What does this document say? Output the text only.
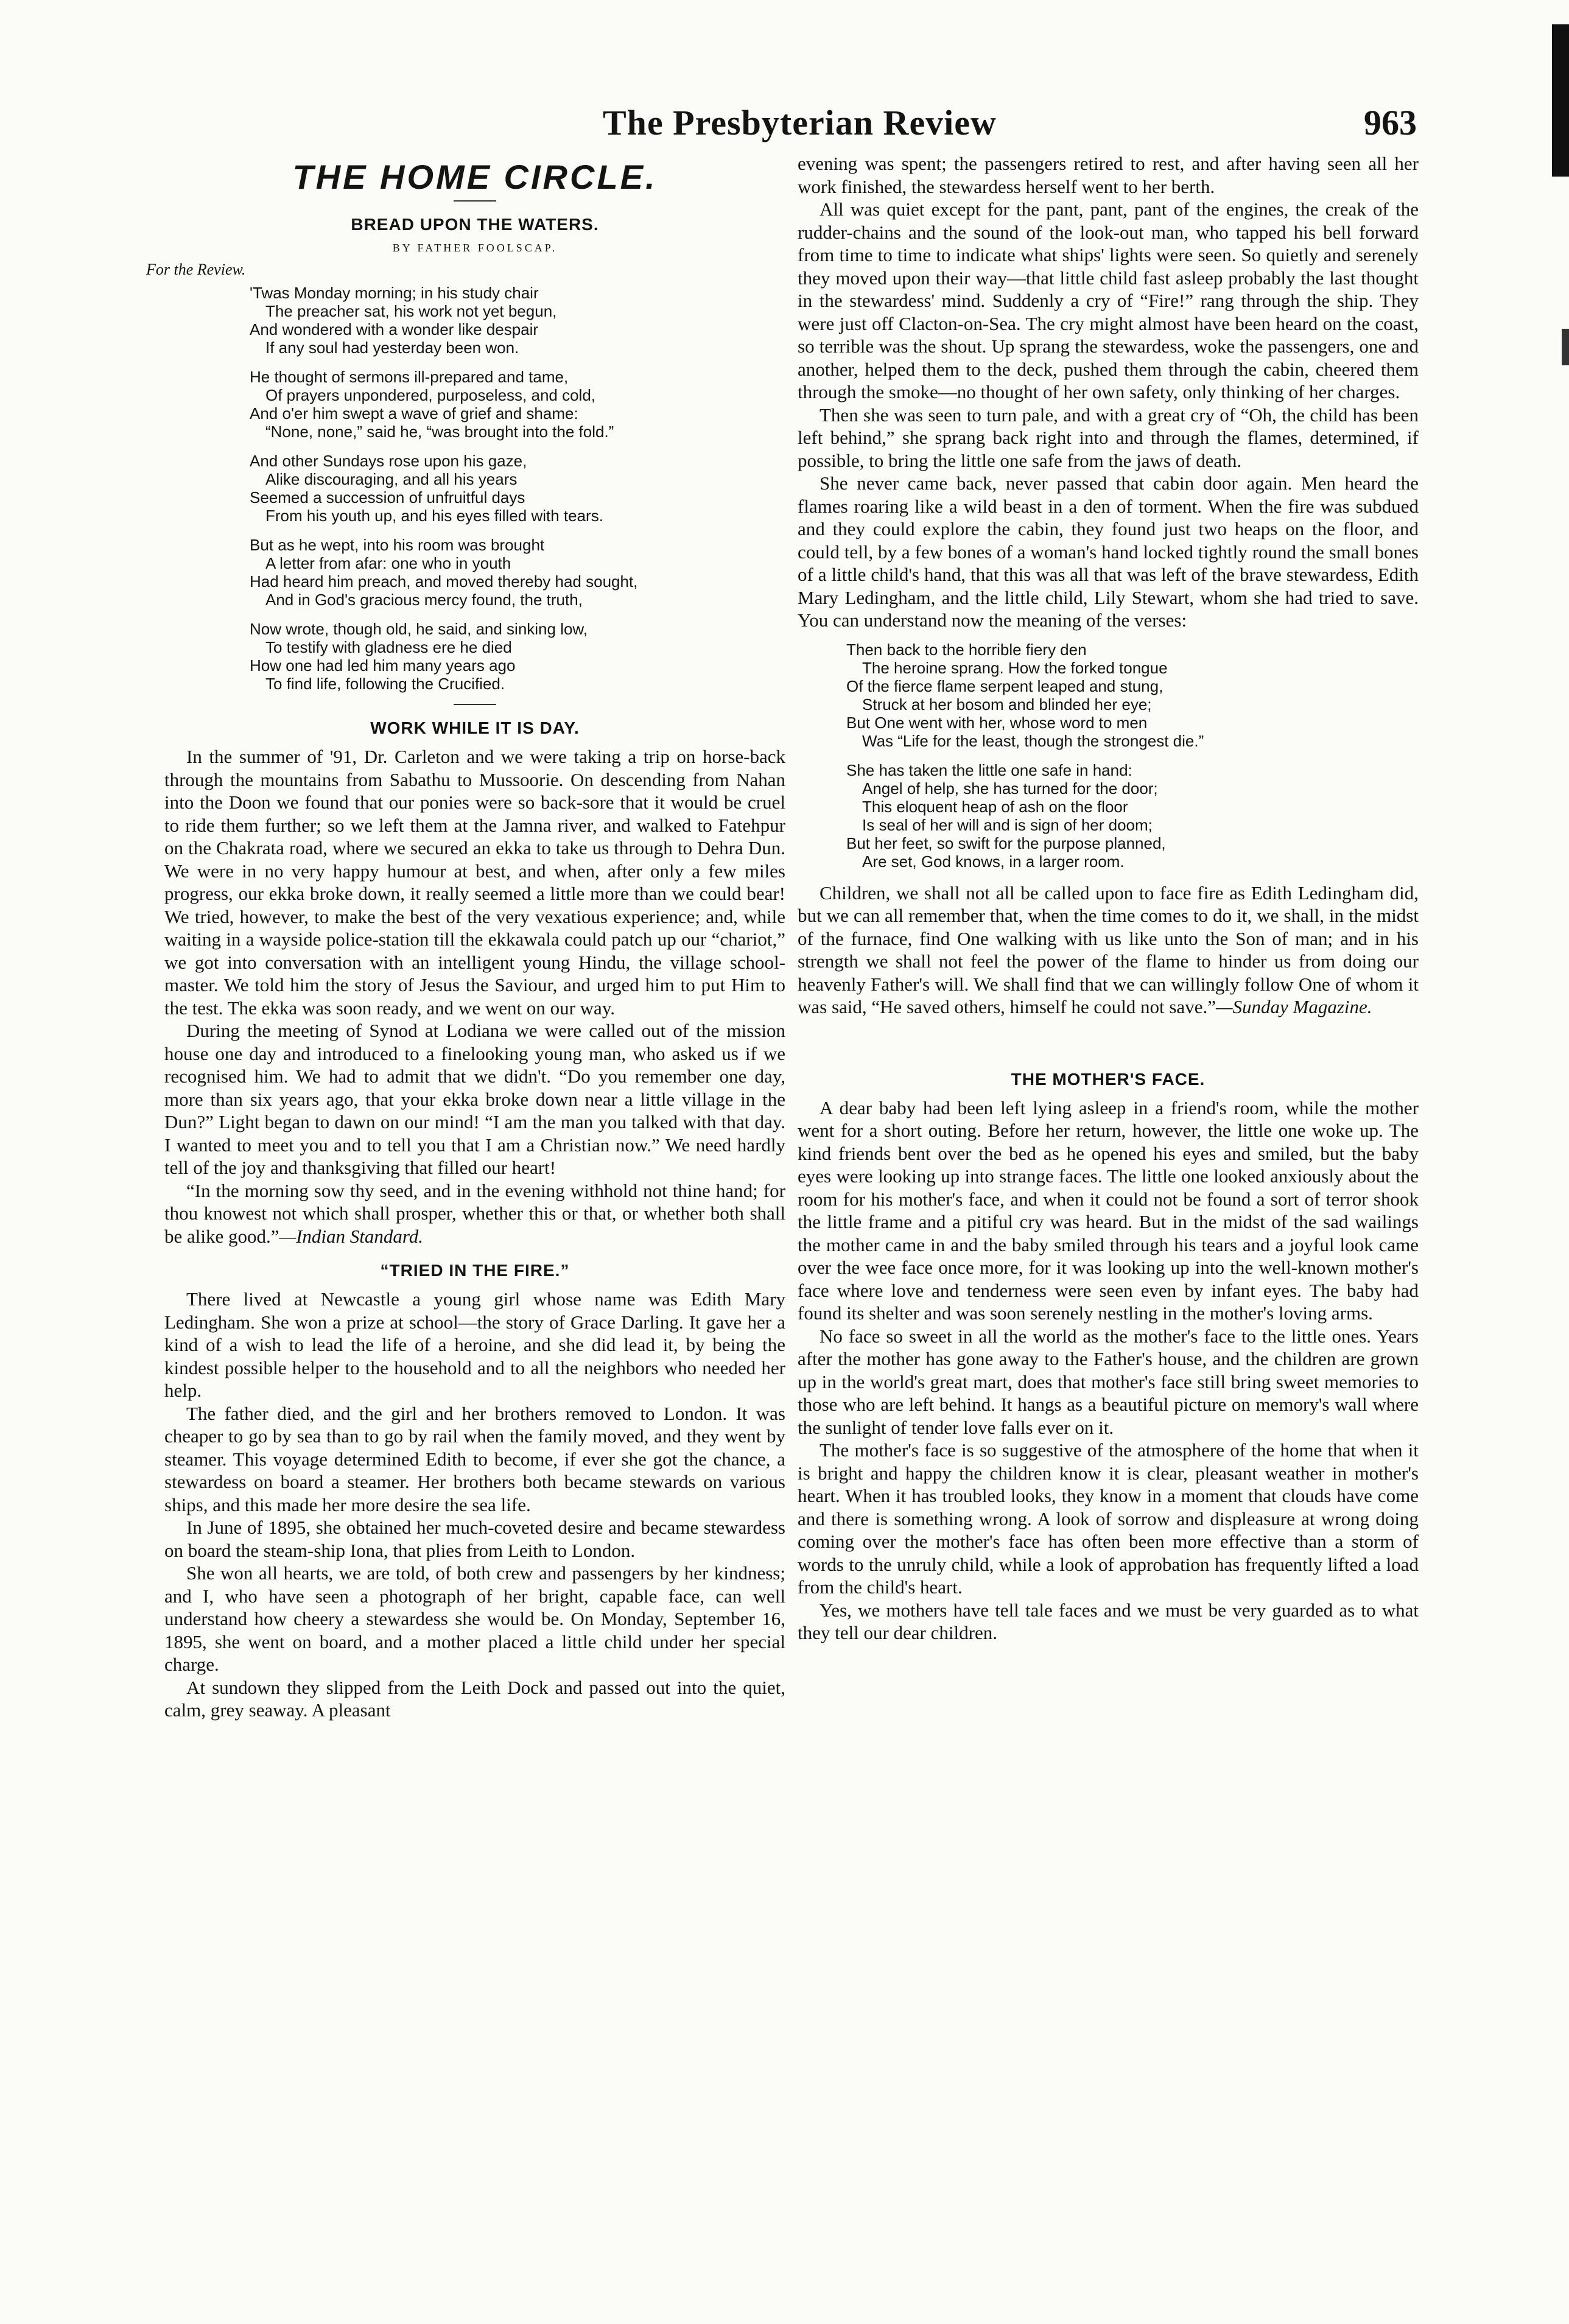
The Presbyterian Review	963
THE HOME CIRCLE.
BREAD UPON THE WATERS.
BY FATHER FOOLSCAP.
For the Review.
'Twas Monday morning; in his study chair
The preacher sat, his work not yet begun,
And wondered with a wonder like despair
If any soul had yesterday been won.
He thought of sermons ill-prepared and tame,
Of prayers unpondered, purposeless, and cold,
And o'er him swept a wave of grief and shame:
“None, none,” said he, “was brought into the fold.”
And other Sundays rose upon his gaze,
Alike discouraging, and all his years
Seemed a succession of unfruitful days
From his youth up, and his eyes filled with tears.
But as he wept, into his room was brought
A letter from afar: one who in youth
Had heard him preach, and moved thereby had sought,
And in God's gracious mercy found, the truth,
Now wrote, though old, he said, and sinking low,
To testify with gladness ere he died
How one had led him many years ago
To find life, following the Crucified.
WORK WHILE IT IS DAY.

In the summer of '91, Dr. Carleton and we were taking a trip on horse-back through the mountains from Sabathu to Mussoorie. On descending from Nahan into the Doon we found that our ponies were so back-sore that it would be cruel to ride them further; so we left them at the Jamna river, and walked to Fatehpur on the Chakrata road, where we secured an ekka to take us through to Dehra Dun. We were in no very happy humour at best, and when, after only a few miles progress, our ekka broke down, it really seemed a little more than we could bear! We tried, however, to make the best of the very vexatious experience; and, while waiting in a wayside police-station till the ekkawala could patch up our “chariot,” we got into conversation with an intelligent young Hindu, the village school-master. We told him the story of Jesus the Saviour, and urged him to put Him to the test. The ekka was soon ready, and we went on our way.

During the meeting of Synod at Lodiana we were called out of the mission house one day and introduced to a finelooking young man, who asked us if we recognised him. We had to admit that we didn't. “Do you remember one day, more than six years ago, that your ekka broke down near a little village in the Dun?” Light began to dawn on our mind! “I am the man you talked with that day. I wanted to meet you and to tell you that I am a Christian now.” We need hardly tell of the joy and thanksgiving that filled our heart!

“In the morning sow thy seed, and in the evening withhold not thine hand; for thou knowest not which shall prosper, whether this or that, or whether both shall be alike good.”—Indian Standard.

“TRIED IN THE FIRE.”

There lived at Newcastle a young girl whose name was Edith Mary Ledingham. She won a prize at school—the story of Grace Darling. It gave her a kind of a wish to lead the life of a heroine, and she did lead it, by being the kindest possible helper to the household and to all the neighbors who needed her help.

The father died, and the girl and her brothers removed to London. It was cheaper to go by sea than to go by rail when the family moved, and they went by steamer. This voyage determined Edith to become, if ever she got the chance, a stewardess on board a steamer. Her brothers both became stewards on various ships, and this made her more desire the sea life.

In June of 1895, she obtained her much-coveted desire and became stewardess on board the steam-ship Iona, that plies from Leith to London.

She won all hearts, we are told, of both crew and passengers by her kindness; and I, who have seen a photograph of her bright, capable face, can well understand how cheery a stewardess she would be. On Monday, September 16, 1895, she went on board, and a mother placed a little child under her special charge.

At sundown they slipped from the Leith Dock and passed out into the quiet, calm, grey seaway. A pleasant

evening was spent; the passengers retired to rest, and after having seen all her work finished, the stewardess herself went to her berth.

All was quiet except for the pant, pant, pant of the engines, the creak of the rudder-chains and the sound of the look-out man, who tapped his bell forward from time to time to indicate what ships' lights were seen. So quietly and serenely they moved upon their way—that little child fast asleep probably the last thought in the stewardess' mind. Suddenly a cry of “Fire!” rang through the ship. They were just off Clacton-on-Sea. The cry might almost have been heard on the coast, so terrible was the shout. Up sprang the stewardess, woke the passengers, one and another, helped them to the deck, pushed them through the cabin, cheered them through the smoke—no thought of her own safety, only thinking of her charges.

Then she was seen to turn pale, and with a great cry of “Oh, the child has been left behind,” she sprang back right into and through the flames, determined, if possible, to bring the little one safe from the jaws of death.

She never came back, never passed that cabin door again. Men heard the flames roaring like a wild beast in a den of torment. When the fire was subdued and they could explore the cabin, they found just two heaps on the floor, and could tell, by a few bones of a woman's hand locked tightly round the small bones of a little child's hand, that this was all that was left of the brave stewardess, Edith Mary Ledingham, and the little child, Lily Stewart, whom she had tried to save. You can understand now the meaning of the verses:

Then back to the horrible fiery den
The heroine sprang. How the forked tongue
Of the fierce flame serpent leaped and stung,
Struck at her bosom and blinded her eye;
But One went with her, whose word to men
Was “Life for the least, though the strongest die.”
She has taken the little one safe in hand:
Angel of help, she has turned for the door;
This eloquent heap of ash on the floor
Is seal of her will and is sign of her doom;
But her feet, so swift for the purpose planned,
Are set, God knows, in a larger room.

Children, we shall not all be called upon to face fire as Edith Ledingham did, but we can all remember that, when the time comes to do it, we shall, in the midst of the furnace, find One walking with us like unto the Son of man; and in his strength we shall not feel the power of the flame to hinder us from doing our heavenly Father's will. We shall find that we can willingly follow One of whom it was said, “He saved others, himself he could not save.”—Sunday Magazine.

THE MOTHER'S FACE.

A dear baby had been left lying asleep in a friend's room, while the mother went for a short outing. Before her return, however, the little one woke up. The kind friends bent over the bed as he opened his eyes and smiled, but the baby eyes were looking up into strange faces. The little one looked anxiously about the room for his mother's face, and when it could not be found a sort of terror shook the little frame and a pitiful cry was heard. But in the midst of the sad wailings the mother came in and the baby smiled through his tears and a joyful look came over the wee face once more, for it was looking up into the well-known mother's face where love and tenderness were seen even by infant eyes. The baby had found its shelter and was soon serenely nestling in the mother's loving arms.

No face so sweet in all the world as the mother's face to the little ones. Years after the mother has gone away to the Father's house, and the children are grown up in the world's great mart, does that mother's face still bring sweet memories to those who are left behind. It hangs as a beautiful picture on memory's wall where the sunlight of tender love falls ever on it.

The mother's face is so suggestive of the atmosphere of the home that when it is bright and happy the children know it is clear, pleasant weather in mother's heart. When it has troubled looks, they know in a moment that clouds have come and there is something wrong. A look of sorrow and displeasure at wrong doing coming over the mother's face has often been more effective than a storm of words to the unruly child, while a look of approbation has frequently lifted a load from the child's heart.

Yes, we mothers have tell tale faces and we must be very guarded as to what they tell our dear children.
